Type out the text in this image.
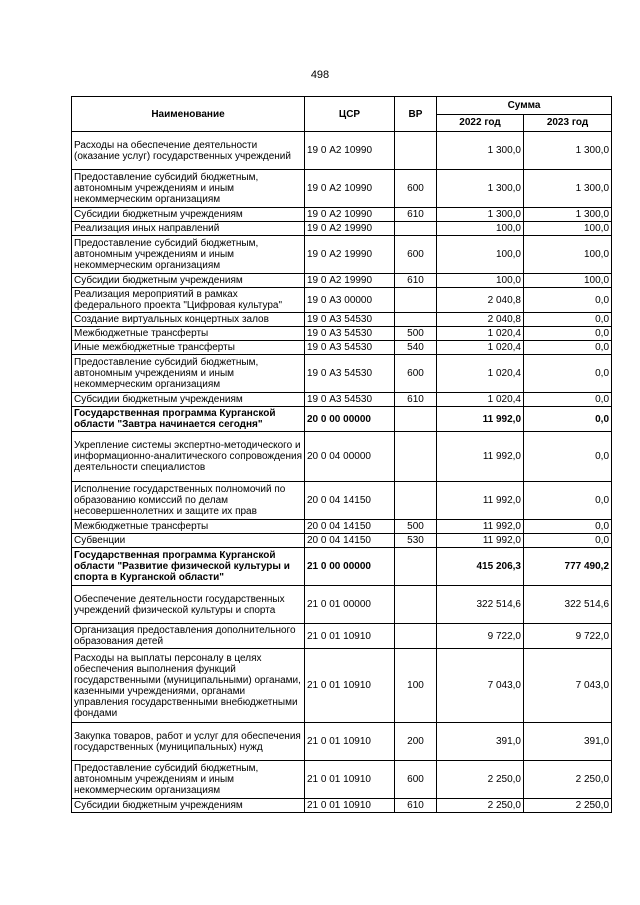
498
Наименование	ЦСР	ВР	Сумма	
			2022 год	2023 год
Расходы на обеспечение деятельности (оказание услуг) государственных учреждений	19 0 А2 10990		1 300,0	1 300,0
Предоставление субсидий бюджетным, автономным учреждениям и иным некоммерческим организациям	19 0 А2 10990	600	1 300,0	1 300,0
Субсидии бюджетным учреждениям	19 0 А2 10990	610	1 300,0	1 300,0
Реализация иных направлений	19 0 А2 19990		100,0	100,0
Предоставление субсидий бюджетным, автономным учреждениям и иным некоммерческим организациям	19 0 А2 19990	600	100,0	100,0
Субсидии бюджетным учреждениям	19 0 А2 19990	610	100,0	100,0
Реализация мероприятий в рамках федерального проекта "Цифровая культура"	19 0 А3 00000		2 040,8	0,0
Создание виртуальных концертных залов	19 0 А3 54530		2 040,8	0,0
Межбюджетные трансферты	19 0 А3 54530	500	1 020,4	0,0
Иные межбюджетные трансферты	19 0 А3 54530	540	1 020,4	0,0
Предоставление субсидий бюджетным, автономным учреждениям и иным некоммерческим организациям	19 0 А3 54530	600	1 020,4	0,0
Субсидии бюджетным учреждениям	19 0 А3 54530	610	1 020,4	0,0
Государственная программа Курганской области "Завтра начинается сегодня"	20 0 00 00000		11 992,0	0,0
Укрепление системы экспертно-методического и информационно-аналитического сопровождения деятельности специалистов	20 0 04 00000		11 992,0	0,0
Исполнение государственных полномочий по образованию комиссий по делам несовершеннолетних и защите их прав	20 0 04 14150		11 992,0	0,0
Межбюджетные трансферты	20 0 04 14150	500	11 992,0	0,0
Субвенции	20 0 04 14150	530	11 992,0	0,0
Государственная программа Курганской области "Развитие физической культуры и спорта в Курганской области"	21 0 00 00000		415 206,3	777 490,2
Обеспечение деятельности государственных учреждений физической культуры и спорта	21 0 01 00000		322 514,6	322 514,6
Организация предоставления дополнительного образования детей	21 0 01 10910		9 722,0	9 722,0
Расходы на выплаты персоналу в целях обеспечения выполнения функций государственными (муниципальными) органами, казенными учреждениями, органами управления государственными внебюджетными фондами	21 0 01 10910	100	7 043,0	7 043,0
Закупка товаров, работ и услуг для обеспечения государственных (муниципальных) нужд	21 0 01 10910	200	391,0	391,0
Предоставление субсидий бюджетным, автономным учреждениям и иным некоммерческим организациям	21 0 01 10910	600	2 250,0	2 250,0
Субсидии бюджетным учреждениям	21 0 01 10910	610	2 250,0	2 250,0
